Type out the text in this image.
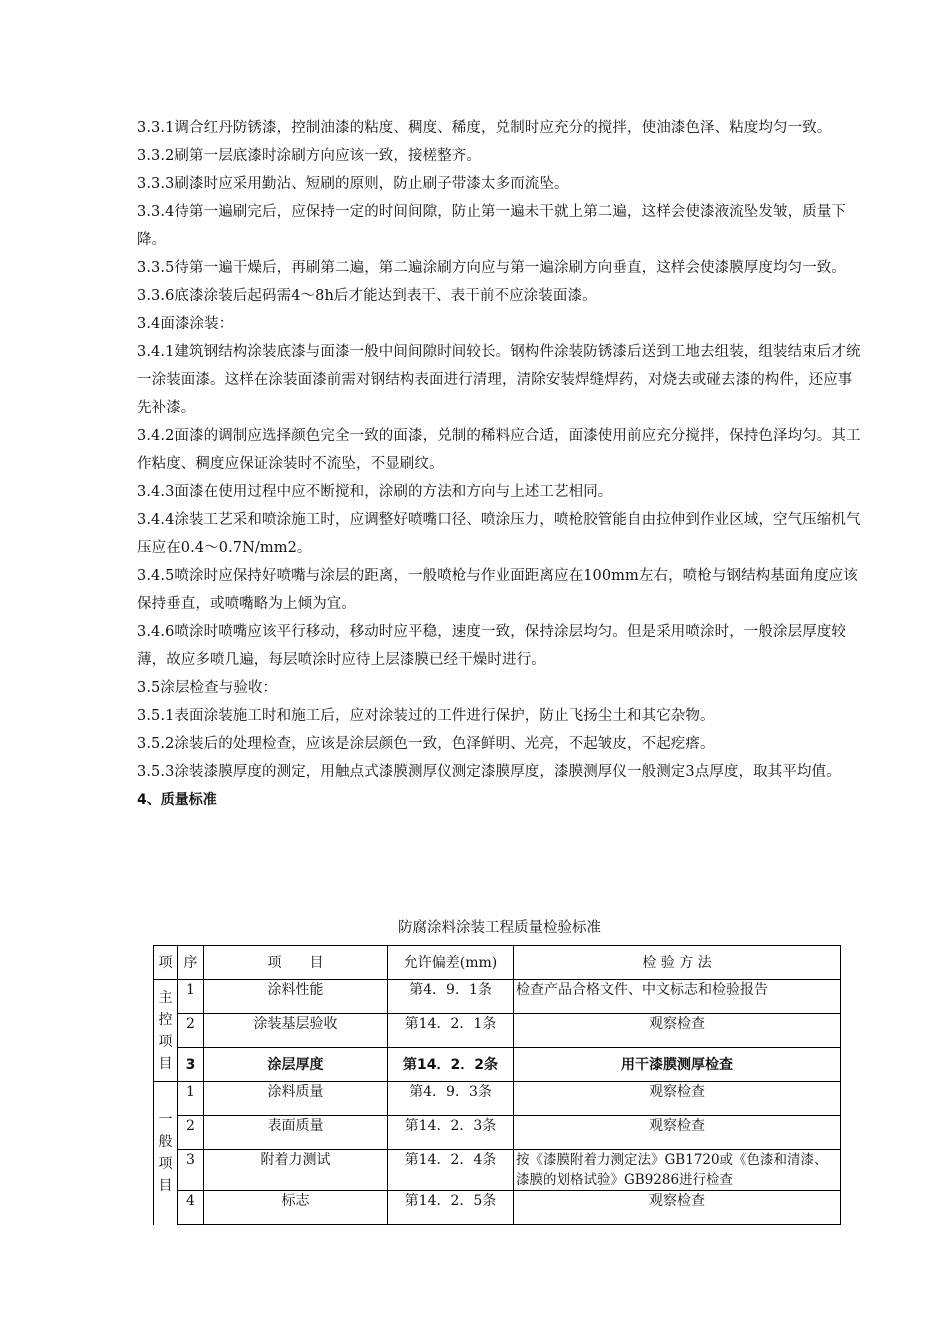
3.3.1调合红丹防锈漆，控制油漆的粘度、稠度、稀度，兑制时应充分的搅拌，使油漆色泽、粘度均匀一致。

3.3.2刷第一层底漆时涂刷方向应该一致，接槎整齐。

3.3.3刷漆时应采用勤沾、短刷的原则，防止刷子带漆太多而流坠。

3.3.4待第一遍刷完后，应保持一定的时间间隙，防止第一遍未干就上第二遍，这样会使漆液流坠发皱，质量下降。

3.3.5待第一遍干燥后，再刷第二遍，第二遍涂刷方向应与第一遍涂刷方向垂直，这样会使漆膜厚度均匀一致。

3.3.6底漆涂装后起码需4～8h后才能达到表干、表干前不应涂装面漆。

3.4面漆涂装：

3.4.1建筑钢结构涂装底漆与面漆一般中间间隙时间较长。钢构件涂装防锈漆后送到工地去组装，组装结束后才统一涂装面漆。这样在涂装面漆前需对钢结构表面进行清理，清除安装焊缝焊药，对烧去或碰去漆的构件，还应事先补漆。

3.4.2面漆的调制应选择颜色完全一致的面漆，兑制的稀料应合适，面漆使用前应充分搅拌，保持色泽均匀。其工作粘度、稠度应保证涂装时不流坠，不显刷纹。

3.4.3面漆在使用过程中应不断搅和，涂刷的方法和方向与上述工艺相同。

3.4.4涂装工艺采和喷涂施工时，应调整好喷嘴口径、喷涂压力，喷枪胶管能自由拉伸到作业区域，空气压缩机气压应在0.4～0.7N/mm2。

3.4.5喷涂时应保持好喷嘴与涂层的距离，一般喷枪与作业面距离应在100mm左右，喷枪与钢结构基面角度应该保持垂直，或喷嘴略为上倾为宜。

3.4.6喷涂时喷嘴应该平行移动，移动时应平稳，速度一致，保持涂层均匀。但是采用喷涂时，一般涂层厚度较薄，故应多喷几遍，每层喷涂时应待上层漆膜已经干燥时进行。

3.5涂层检查与验收：

3.5.1表面涂装施工时和施工后，应对涂装过的工件进行保护，防止飞扬尘土和其它杂物。

3.5.2涂装后的处理检查，应该是涂层颜色一致，色泽鲜明、光亮，不起皱皮，不起疙瘩。

3.5.3涂装漆膜厚度的测定，用触点式漆膜测厚仪测定漆膜厚度，漆膜测厚仪一般测定3点厚度，取其平均值。

4、质量标准

防腐涂料涂装工程质量检验标准
项	序	项　　目	允许偏差(mm)	检 验 方 法

主控项目	1	涂料性能	第4．9．1条	检查产品合格文件、中文标志和检验报告
	2	涂装基层验收	第14．2．1条	观察检查
	3	涂层厚度	第14．2．2条	用干漆膜测厚检查

一般项目	1	涂料质量	第4．9．3条	观察检查
	2	表面质量	第14．2．3条	观察检查
	3	附着力测试	第14．2．4条	按《漆膜附着力测定法》GB1720或《色漆和清漆、漆膜的划格试验》GB9286进行检查
	4	标志	第14．2．5条	观察检查
